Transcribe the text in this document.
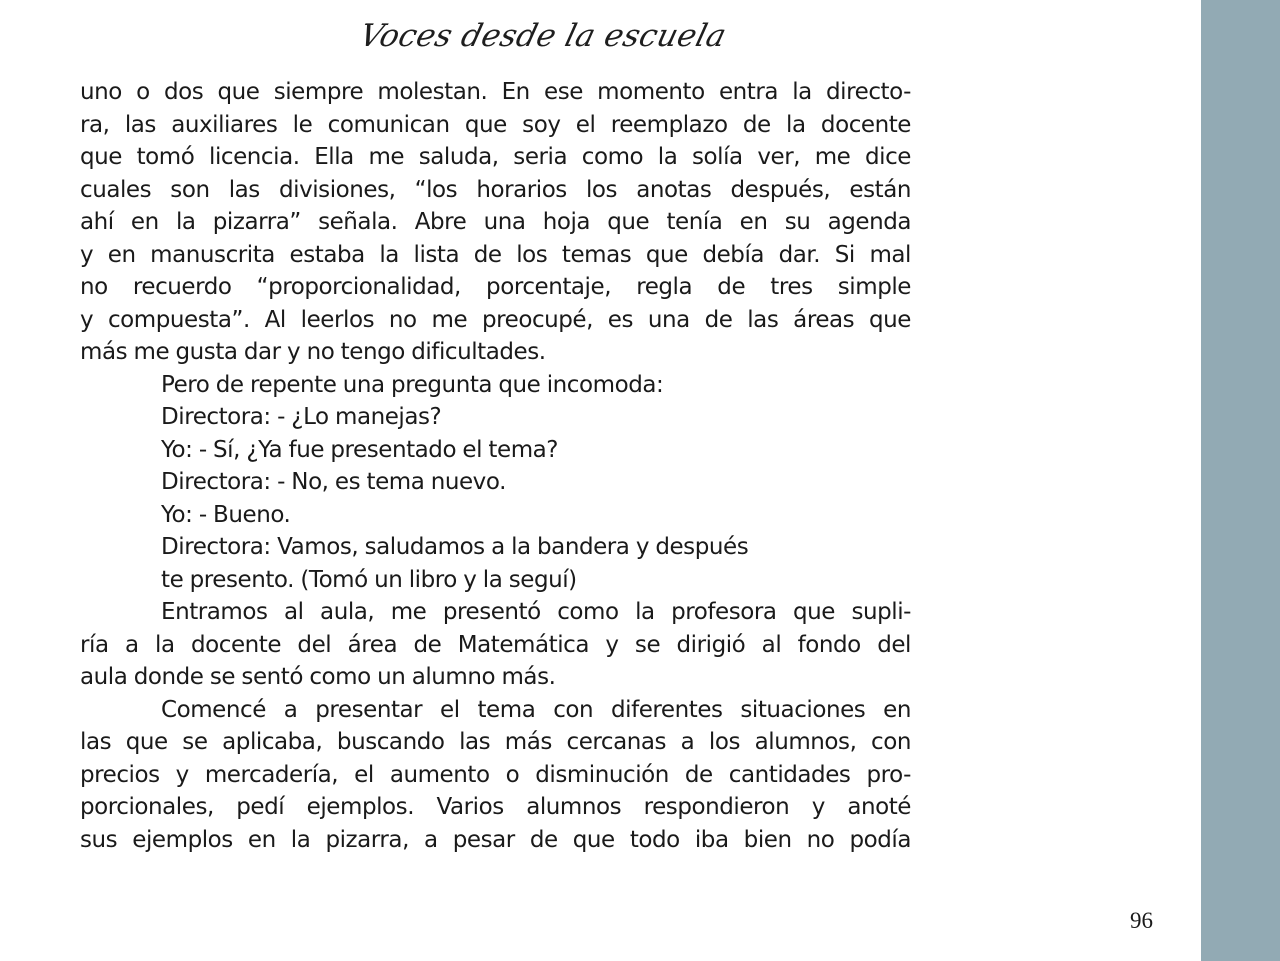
Voces desde la escuela
uno o dos que siempre molestan. En ese momento entra la directo-
ra, las auxiliares le comunican que soy el reemplazo de la docente
que tomó licencia. Ella me saluda, seria como la solía ver, me dice
cuales son las divisiones, “los horarios los anotas después, están
ahí en la pizarra” señala. Abre una hoja que tenía en su agenda
y en manuscrita estaba la lista de los temas que debía dar. Si mal
no recuerdo “proporcionalidad, porcentaje, regla de tres simple
y compuesta”. Al leerlos no me preocupé, es una de las áreas que
más me gusta dar y no tengo dificultades.
Pero de repente una pregunta que incomoda:
Directora: - ¿Lo manejas?
Yo: - Sí, ¿Ya fue presentado el tema?
Directora: - No, es tema nuevo.
Yo: - Bueno.
Directora: Vamos, saludamos a la bandera y después
te presento. (Tomó un libro y la seguí)
Entramos al aula, me presentó como la profesora que supli-
ría a la docente del área de Matemática y se dirigió al fondo del
aula donde se sentó como un alumno más.
Comencé a presentar el tema con diferentes situaciones en
las que se aplicaba, buscando las más cercanas a los alumnos, con
precios y mercadería, el aumento o disminución de cantidades pro-
porcionales, pedí ejemplos. Varios alumnos respondieron y anoté
sus ejemplos en la pizarra, a pesar de que todo iba bien no podía
96
